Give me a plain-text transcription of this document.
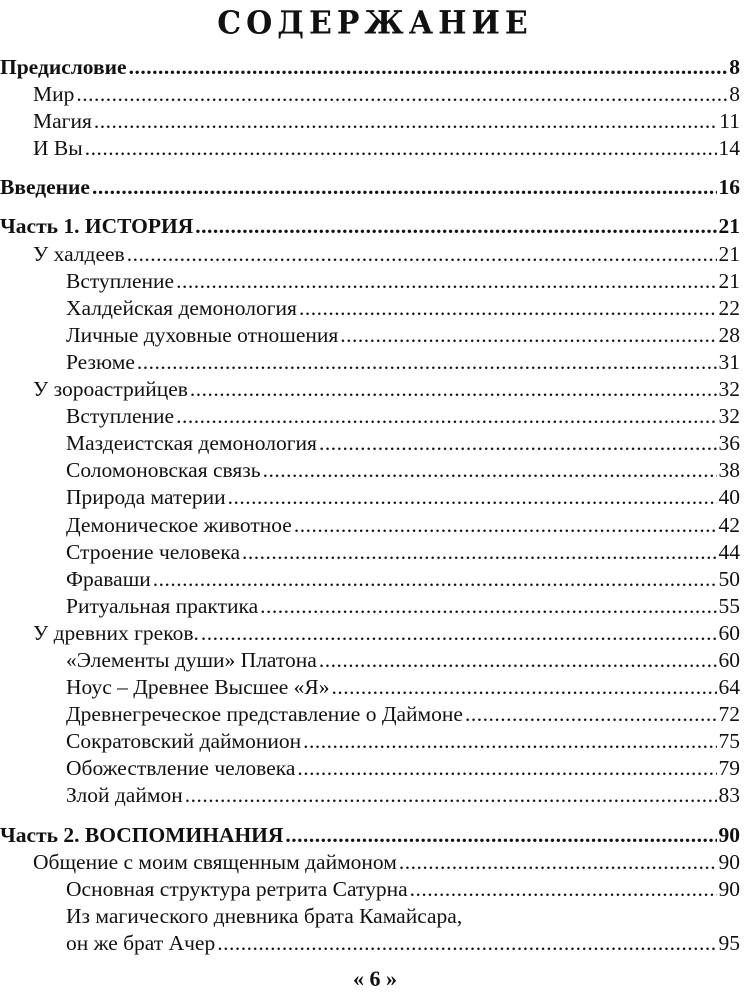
СОДЕРЖАНИЕ
Предисловие .....	8
Мир .....	8
Магия .....	11
И Вы .....	14
Введение .....	16
Часть 1. ИСТОРИЯ .....	21
У халдеев .....	21
Вступление .....	21
Халдейская демонология .....	22
Личные духовные отношения .....	28
Резюме .....	31
У зороастрийцев .....	32
Вступление .....	32
Маздеистская демонология .....	36
Соломоновская связь .....	38
Природа материи .....	40
Демоническое животное .....	42
Строение человека .....	44
Фраваши .....	50
Ритуальная практика .....	55
У древних греков. .....	60
«Элементы души» Платона .....	60
Ноус – Древнее Высшее «Я» .....	64
Древнегреческое представление о Даймоне .....	72
Сократовский даймонион .....	75
Обожествление человека .....	79
Злой даймон .....	83
Часть 2. ВОСПОМИНАНИЯ .....	90
Общение с моим священным даймоном .....	90
Основная структура ретрита Сатурна .....	90
Из магического дневника брата Камайсара,
он же брат Ачер .....	95
« 6 »
